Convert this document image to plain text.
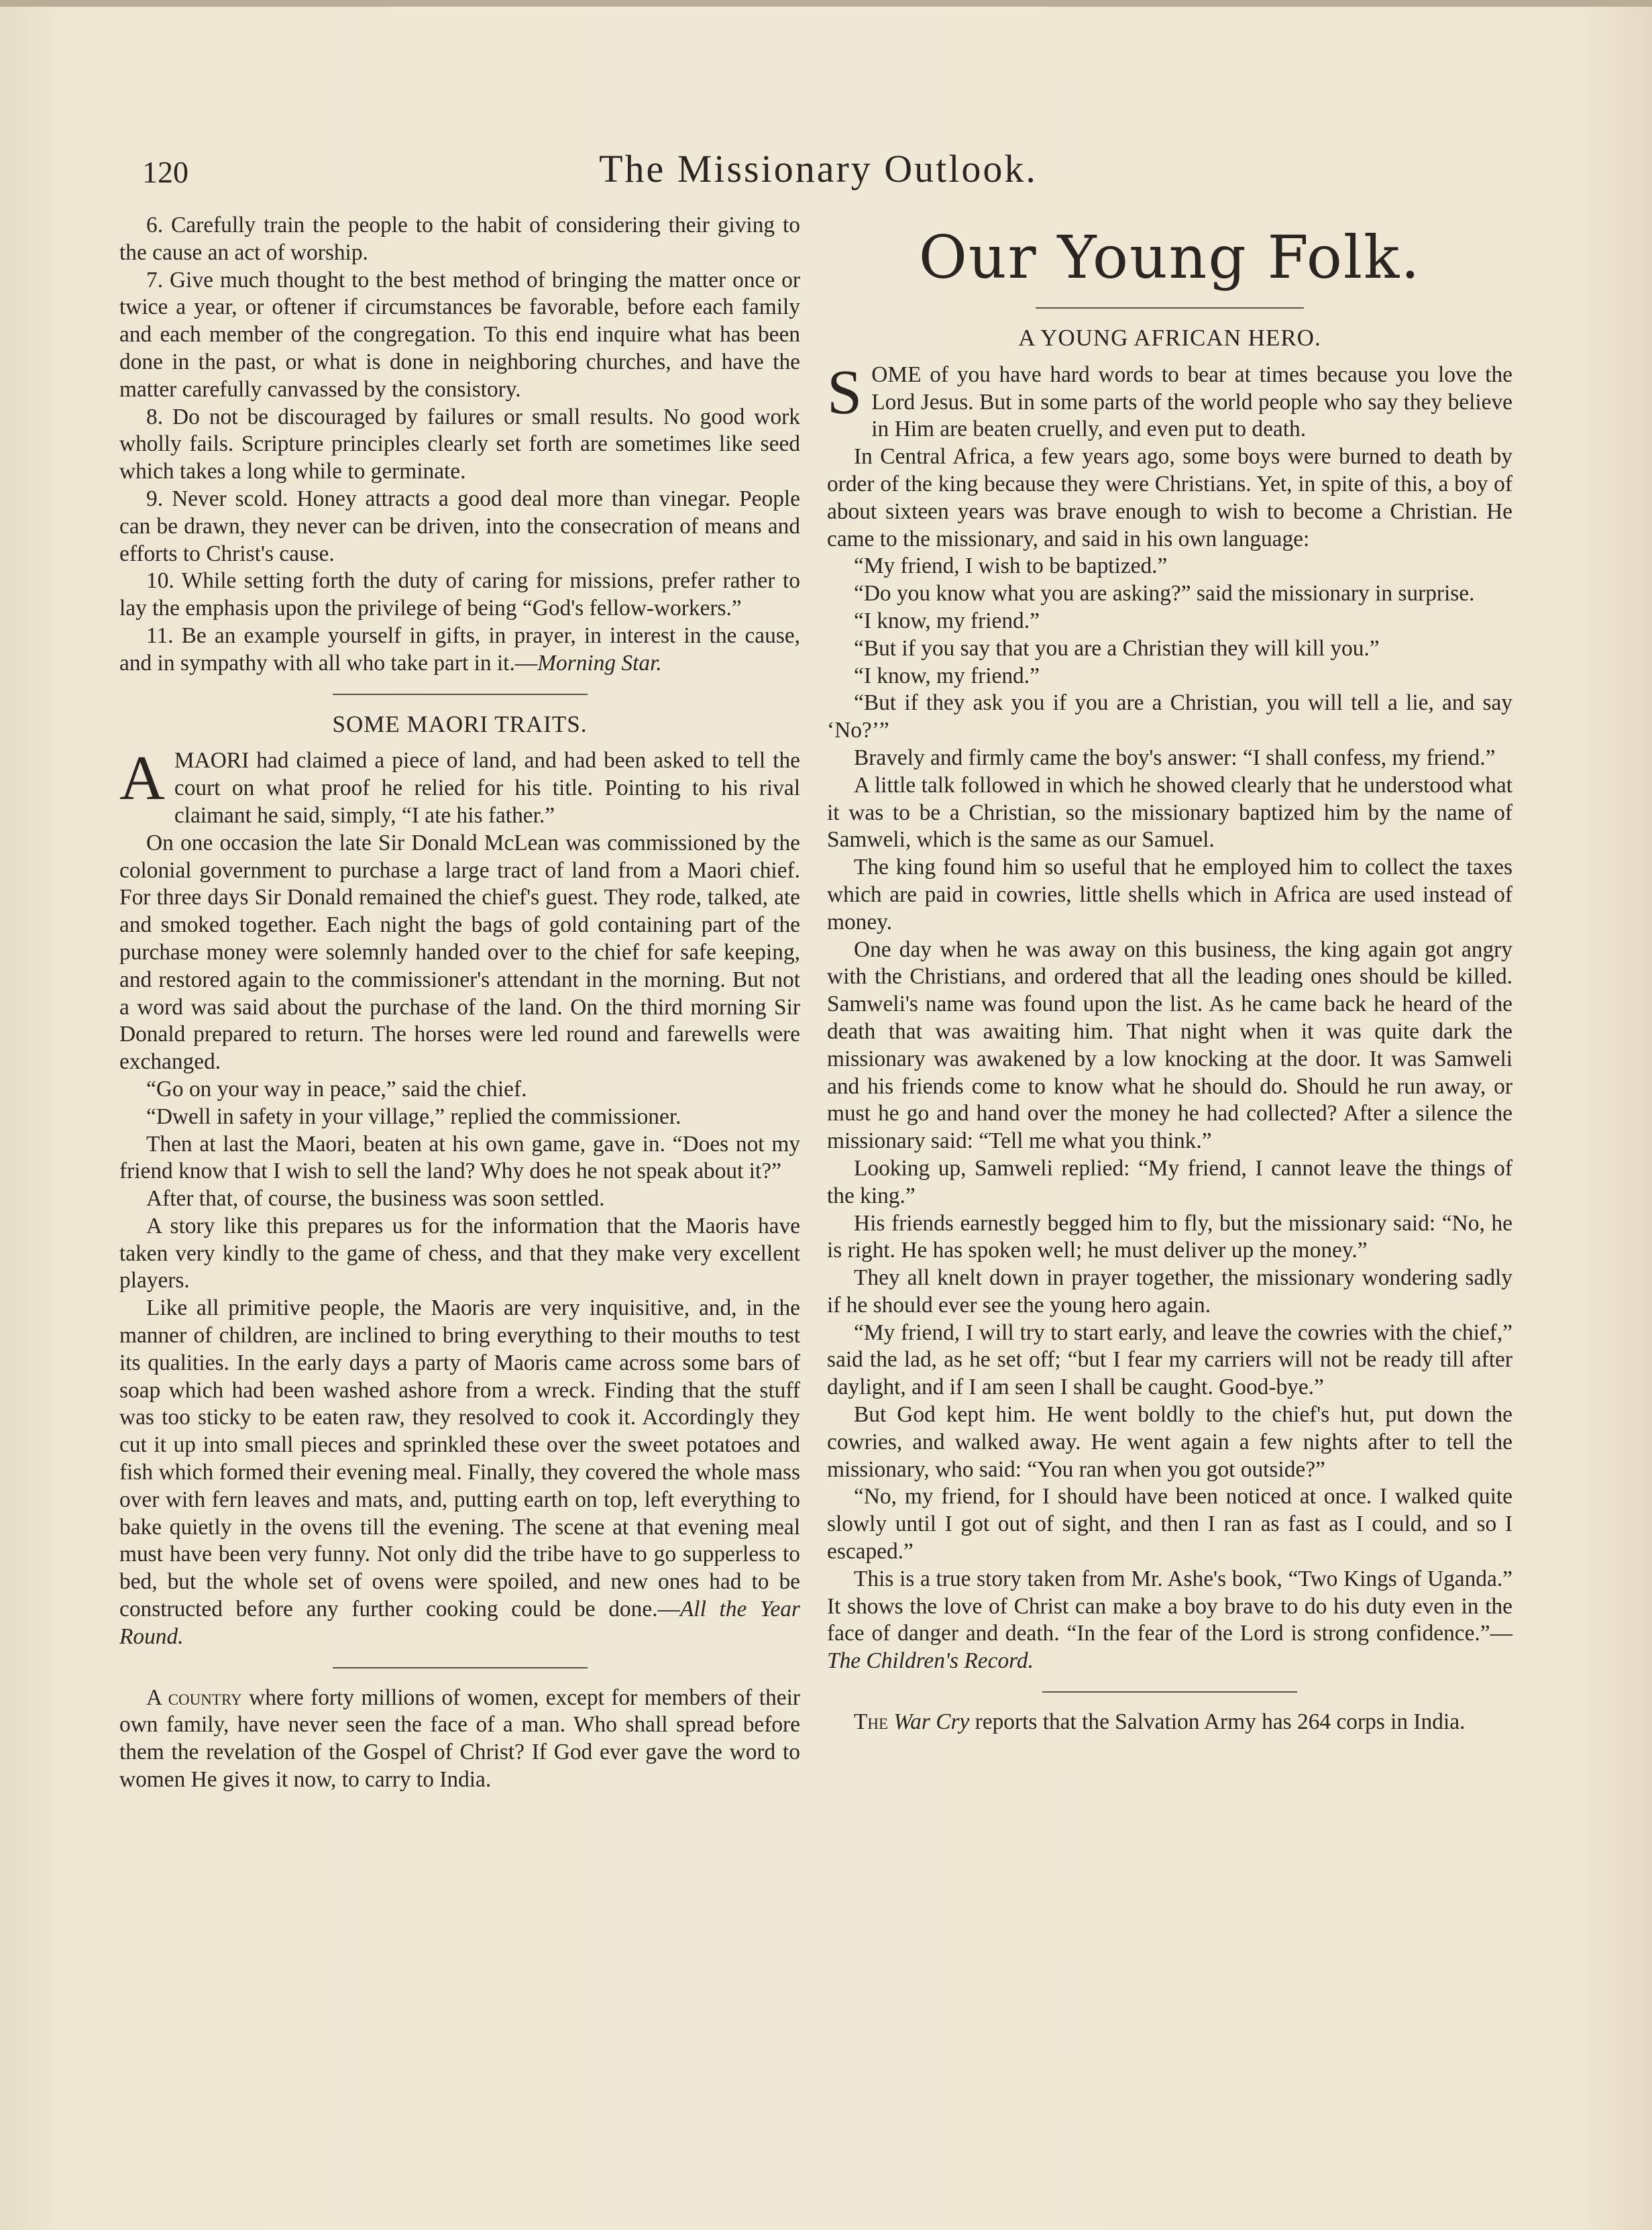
120	The Missionary Outlook.

6. Carefully train the people to the habit of considering their giving to the cause an act of worship.

7. Give much thought to the best method of bringing the matter once or twice a year, or oftener if circumstances be favorable, before each family and each member of the congregation. To this end inquire what has been done in the past, or what is done in neighboring churches, and have the matter carefully canvassed by the consistory.

8. Do not be discouraged by failures or small results. No good work wholly fails. Scripture principles clearly set forth are sometimes like seed which takes a long while to germinate.

9. Never scold. Honey attracts a good deal more than vinegar. People can be drawn, they never can be driven, into the consecration of means and efforts to Christ's cause.

10. While setting forth the duty of caring for missions, prefer rather to lay the emphasis upon the privilege of being “God's fellow-workers.”

11. Be an example yourself in gifts, in prayer, in interest in the cause, and in sympathy with all who take part in it.—Morning Star.

SOME MAORI TRAITS.

AMAORI had claimed a piece of land, and had been asked to tell the court on what proof he relied for his title. Pointing to his rival claimant he said, simply, “I ate his father.”

On one occasion the late Sir Donald McLean was commissioned by the colonial government to purchase a large tract of land from a Maori chief. For three days Sir Donald remained the chief's guest. They rode, talked, ate and smoked together. Each night the bags of gold containing part of the purchase money were solemnly handed over to the chief for safe keeping, and restored again to the commissioner's attendant in the morning. But not a word was said about the purchase of the land. On the third morning Sir Donald prepared to return. The horses were led round and farewells were exchanged.

“Go on your way in peace,” said the chief.

“Dwell in safety in your village,” replied the commissioner.

Then at last the Maori, beaten at his own game, gave in. “Does not my friend know that I wish to sell the land? Why does he not speak about it?”

After that, of course, the business was soon settled.

A story like this prepares us for the information that the Maoris have taken very kindly to the game of chess, and that they make very excellent players.

Like all primitive people, the Maoris are very inquisitive, and, in the manner of children, are inclined to bring everything to their mouths to test its qualities. In the early days a party of Maoris came across some bars of soap which had been washed ashore from a wreck. Finding that the stuff was too sticky to be eaten raw, they resolved to cook it. Accordingly they cut it up into small pieces and sprinkled these over the sweet potatoes and fish which formed their evening meal. Finally, they covered the whole mass over with fern leaves and mats, and, putting earth on top, left everything to bake quietly in the ovens till the evening. The scene at that evening meal must have been very funny. Not only did the tribe have to go supperless to bed, but the whole set of ovens were spoiled, and new ones had to be constructed before any further cooking could be done.—All the Year Round.

A country where forty millions of women, except for members of their own family, have never seen the face of a man. Who shall spread before them the revelation of the Gospel of Christ? If God ever gave the word to women He gives it now, to carry to India.

Our Young Folk.
A YOUNG AFRICAN HERO.

SOME of you have hard words to bear at times because you love the Lord Jesus. But in some parts of the world people who say they believe in Him are beaten cruelly, and even put to death.

In Central Africa, a few years ago, some boys were burned to death by order of the king because they were Christians. Yet, in spite of this, a boy of about sixteen years was brave enough to wish to become a Christian. He came to the missionary, and said in his own language:

“My friend, I wish to be baptized.”

“Do you know what you are asking?” said the missionary in surprise.

“I know, my friend.”

“But if you say that you are a Christian they will kill you.”

“I know, my friend.”

“But if they ask you if you are a Christian, you will tell a lie, and say ‘No?’”

Bravely and firmly came the boy's answer: “I shall confess, my friend.”

A little talk followed in which he showed clearly that he understood what it was to be a Christian, so the missionary baptized him by the name of Samweli, which is the same as our Samuel.

The king found him so useful that he employed him to collect the taxes which are paid in cowries, little shells which in Africa are used instead of money.

One day when he was away on this business, the king again got angry with the Christians, and ordered that all the leading ones should be killed. Samweli's name was found upon the list. As he came back he heard of the death that was awaiting him. That night when it was quite dark the missionary was awakened by a low knocking at the door. It was Samweli and his friends come to know what he should do. Should he run away, or must he go and hand over the money he had collected? After a silence the missionary said: “Tell me what you think.”

Looking up, Samweli replied: “My friend, I cannot leave the things of the king.”

His friends earnestly begged him to fly, but the missionary said: “No, he is right. He has spoken well; he must deliver up the money.”

They all knelt down in prayer together, the missionary wondering sadly if he should ever see the young hero again.

“My friend, I will try to start early, and leave the cowries with the chief,” said the lad, as he set off; “but I fear my carriers will not be ready till after daylight, and if I am seen I shall be caught. Good-bye.”

But God kept him. He went boldly to the chief's hut, put down the cowries, and walked away. He went again a few nights after to tell the missionary, who said: “You ran when you got outside?”

“No, my friend, for I should have been noticed at once. I walked quite slowly until I got out of sight, and then I ran as fast as I could, and so I escaped.”

This is a true story taken from Mr. Ashe's book, “Two Kings of Uganda.” It shows the love of Christ can make a boy brave to do his duty even in the face of danger and death. “In the fear of the Lord is strong confidence.”—The Children's Record.

The War Cry reports that the Salvation Army has 264 corps in India.
